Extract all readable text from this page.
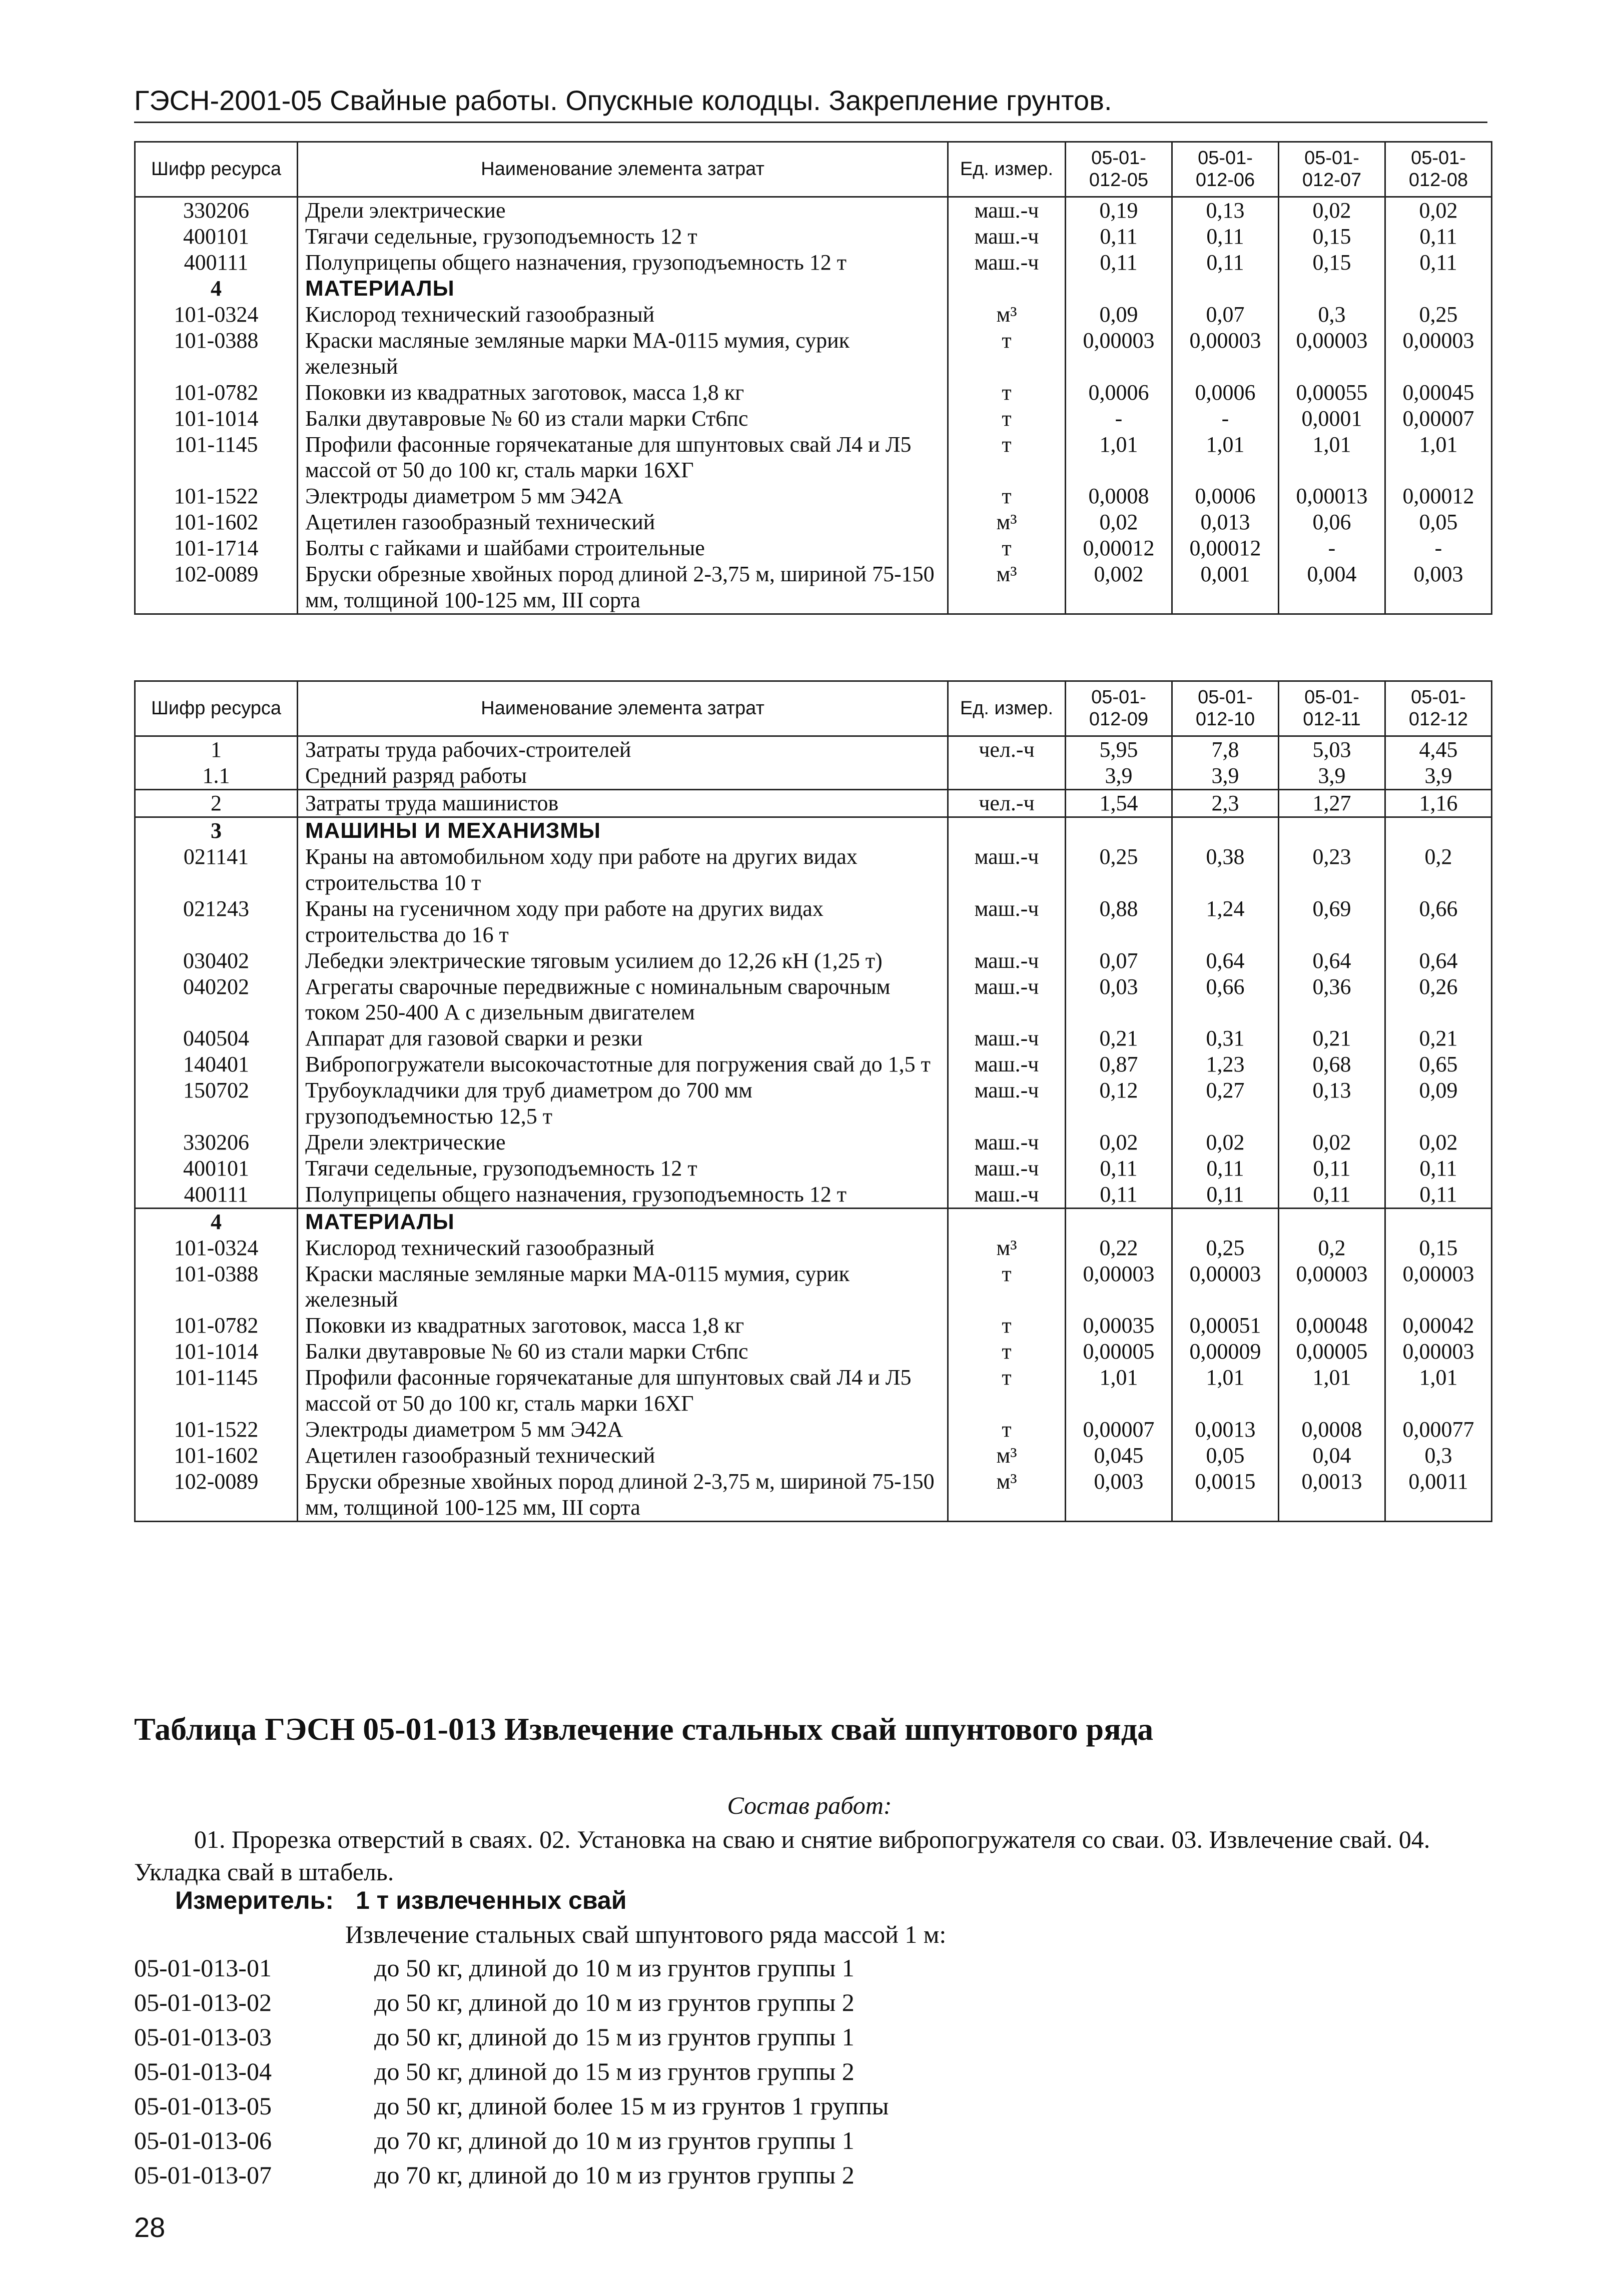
ГЭСН-2001-05 Свайные работы. Опускные колодцы. Закрепление грунтов.
Шифр ресурса	Наименование элемента затрат	Ед. измер.	05-01- 012-05	05-01- 012-06	05-01- 012-07	05-01- 012-08
330206	Дрели электрические	маш.-ч	0,19	0,13	0,02	0,02
400101	Тягачи седельные, грузоподъемность 12 т	маш.-ч	0,11	0,11	0,15	0,11
400111	Полуприцепы общего назначения, грузоподъемность 12 т	маш.-ч	0,11	0,11	0,15	0,11
4	МАТЕРИАЛЫ					
101-0324	Кислород технический газообразный	м³	0,09	0,07	0,3	0,25
101-0388	Краски масляные земляные марки МА-0115 мумия, сурик железный	т	0,00003	0,00003	0,00003	0,00003
101-0782	Поковки из квадратных заготовок, масса 1,8 кг	т	0,0006	0,0006	0,00055	0,00045
101-1014	Балки двутавровые № 60 из стали марки Ст6пс	т	-	-	0,0001	0,00007
101-1145	Профили фасонные горячекатаные для шпунтовых свай Л4 и Л5 массой от 50 до 100 кг, сталь марки 16ХГ	т	1,01	1,01	1,01	1,01
101-1522	Электроды диаметром 5 мм Э42А	т	0,0008	0,0006	0,00013	0,00012
101-1602	Ацетилен газообразный технический	м³	0,02	0,013	0,06	0,05
101-1714	Болты с гайками и шайбами строительные	т	0,00012	0,00012	-	-
102-0089	Бруски обрезные хвойных пород длиной 2-3,75 м, шириной 75-150 мм, толщиной 100-125 мм, III сорта	м³	0,002	0,001	0,004	0,003
Шифр ресурса	Наименование элемента затрат	Ед. измер.	05-01- 012-09	05-01- 012-10	05-01- 012-11	05-01- 012-12
1	Затраты труда рабочих-строителей	чел.-ч	5,95	7,8	5,03	4,45
1.1	Средний разряд работы		3,9	3,9	3,9	3,9
2	Затраты труда машинистов	чел.-ч	1,54	2,3	1,27	1,16
3	МАШИНЫ И МЕХАНИЗМЫ					
021141	Краны на автомобильном ходу при работе на других видах строительства 10 т	маш.-ч	0,25	0,38	0,23	0,2
021243	Краны на гусеничном ходу при работе на других видах строительства до 16 т	маш.-ч	0,88	1,24	0,69	0,66
030402	Лебедки электрические тяговым усилием до 12,26 кН (1,25 т)	маш.-ч	0,07	0,64	0,64	0,64
040202	Агрегаты сварочные передвижные с номинальным сварочным током 250-400 А с дизельным двигателем	маш.-ч	0,03	0,66	0,36	0,26
040504	Аппарат для газовой сварки и резки	маш.-ч	0,21	0,31	0,21	0,21
140401	Вибропогружатели высокочастотные для погружения свай до 1,5 т	маш.-ч	0,87	1,23	0,68	0,65
150702	Трубоукладчики для труб диаметром до 700 мм грузоподъемностью 12,5 т	маш.-ч	0,12	0,27	0,13	0,09
330206	Дрели электрические	маш.-ч	0,02	0,02	0,02	0,02
400101	Тягачи седельные, грузоподъемность 12 т	маш.-ч	0,11	0,11	0,11	0,11
400111	Полуприцепы общего назначения, грузоподъемность 12 т	маш.-ч	0,11	0,11	0,11	0,11
4	МАТЕРИАЛЫ					
101-0324	Кислород технический газообразный	м³	0,22	0,25	0,2	0,15
101-0388	Краски масляные земляные марки МА-0115 мумия, сурик железный	т	0,00003	0,00003	0,00003	0,00003
101-0782	Поковки из квадратных заготовок, масса 1,8 кг	т	0,00035	0,00051	0,00048	0,00042
101-1014	Балки двутавровые № 60 из стали марки Ст6пс	т	0,00005	0,00009	0,00005	0,00003
101-1145	Профили фасонные горячекатаные для шпунтовых свай Л4 и Л5 массой от 50 до 100 кг, сталь марки 16ХГ	т	1,01	1,01	1,01	1,01
101-1522	Электроды диаметром 5 мм Э42А	т	0,00007	0,0013	0,0008	0,00077
101-1602	Ацетилен газообразный технический	м³	0,045	0,05	0,04	0,3
102-0089	Бруски обрезные хвойных пород длиной 2-3,75 м, шириной 75-150 мм, толщиной 100-125 мм, III сорта	м³	0,003	0,0015	0,0013	0,0011
Таблица ГЭСН 05-01-013 Извлечение стальных свай шпунтового ряда
Состав работ:
01. Прорезка отверстий в сваях. 02. Установка на сваю и снятие вибропогружателя со сваи. 03. Извлечение свай. 04. Укладка свай в штабель.
Измеритель: 1 т извлеченных свай
Извлечение стальных свай шпунтового ряда массой 1 м:
05-01-013-01	до 50 кг, длиной до 10 м из грунтов группы 1
05-01-013-02	до 50 кг, длиной до 10 м из грунтов группы 2
05-01-013-03	до 50 кг, длиной до 15 м из грунтов группы 1
05-01-013-04	до 50 кг, длиной до 15 м из грунтов группы 2
05-01-013-05	до 50 кг, длиной более 15 м из грунтов 1 группы
05-01-013-06	до 70 кг, длиной до 10 м из грунтов группы 1
05-01-013-07	до 70 кг, длиной до 10 м из грунтов группы 2
28
